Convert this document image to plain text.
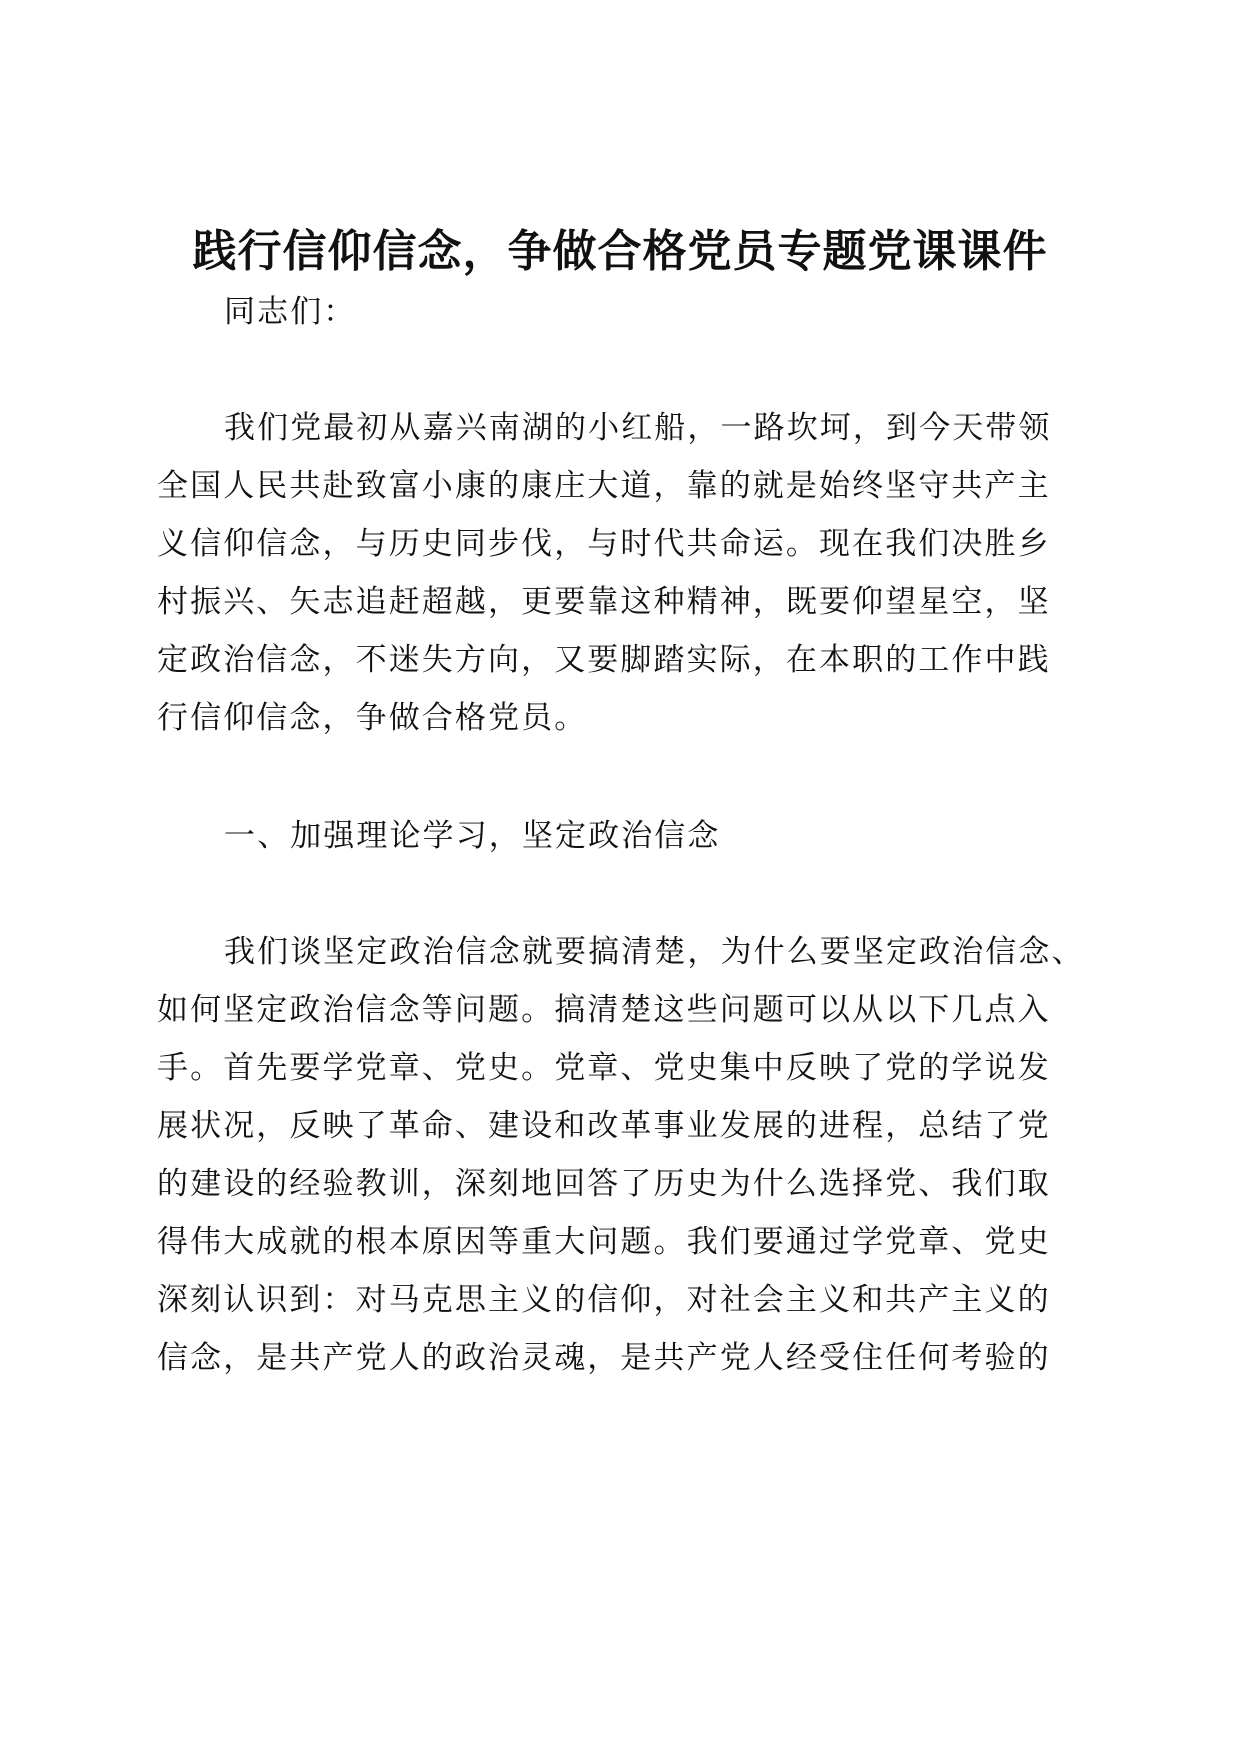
践行信仰信念，争做合格党员专题党课课件
同志们：
我们党最初从嘉兴南湖的小红船，一路坎坷，到今天带领
全国人民共赴致富小康的康庄大道，靠的就是始终坚守共产主
义信仰信念，与历史同步伐，与时代共命运。现在我们决胜乡
村振兴、矢志追赶超越，更要靠这种精神，既要仰望星空，坚
定政治信念，不迷失方向，又要脚踏实际，在本职的工作中践
行信仰信念，争做合格党员。
一、加强理论学习，坚定政治信念
我们谈坚定政治信念就要搞清楚，为什么要坚定政治信念、
如何坚定政治信念等问题。搞清楚这些问题可以从以下几点入
手。首先要学党章、党史。党章、党史集中反映了党的学说发
展状况，反映了革命、建设和改革事业发展的进程，总结了党
的建设的经验教训，深刻地回答了历史为什么选择党、我们取
得伟大成就的根本原因等重大问题。我们要通过学党章、党史
深刻认识到：对马克思主义的信仰，对社会主义和共产主义的
信念，是共产党人的政治灵魂，是共产党人经受住任何考验的
